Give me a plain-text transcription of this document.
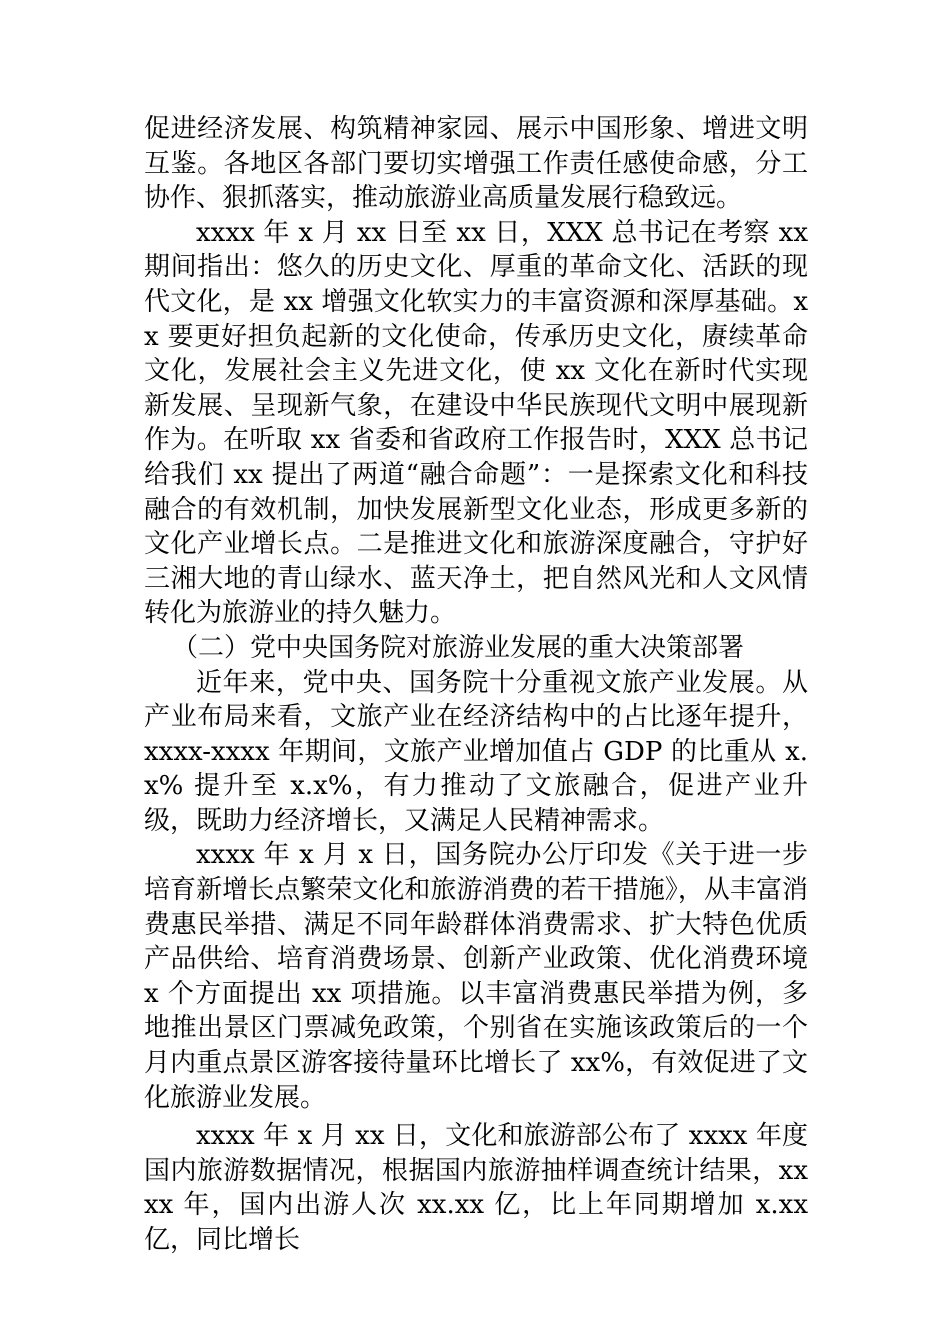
促进经济发展、构筑精神家园、展示中国形象、增进文明互鉴。各地区各部门要切实增强工作责任感使命感，分工协作、狠抓落实，推动旅游业高质量发展行稳致远。

xxxx 年 x 月 xx 日至 xx 日，XXX 总书记在考察 xx 期间指出：悠久的历史文化、厚重的革命文化、活跃的现代文化，是 xx 增强文化软实力的丰富资源和深厚基础。xx 要更好担负起新的文化使命，传承历史文化，赓续革命文化，发展社会主义先进文化，使 xx 文化在新时代实现新发展、呈现新气象，在建设中华民族现代文明中展现新作为。在听取 xx 省委和省政府工作报告时，XXX 总书记给我们 xx 提出了两道“融合命题”：一是探索文化和科技融合的有效机制，加快发展新型文化业态，形成更多新的文化产业增长点。二是推进文化和旅游深度融合，守护好三湘大地的青山绿水、蓝天净土，把自然风光和人文风情转化为旅游业的持久魅力。

（二）党中央国务院对旅游业发展的重大决策部署

近年来，党中央、国务院十分重视文旅产业发展。从产业布局来看，文旅产业在经济结构中的占比逐年提升，xxxx-xxxx 年期间，文旅产业增加值占 GDP 的比重从 x.x% 提升至 x.x%，有力推动了文旅融合，促进产业升级，既助力经济增长，又满足人民精神需求。

xxxx 年 x 月 x 日，国务院办公厅印发《关于进一步培育新增长点繁荣文化和旅游消费的若干措施》，从丰富消费惠民举措、满足不同年龄群体消费需求、扩大特色优质产品供给、培育消费场景、创新产业政策、优化消费环境 x 个方面提出 xx 项措施。以丰富消费惠民举措为例，多地推出景区门票减免政策，个别省在实施该政策后的一个月内重点景区游客接待量环比增长了 xx%，有效促进了文化旅游业发展。

xxxx 年 x 月 xx 日，文化和旅游部公布了 xxxx 年度国内旅游数据情况，根据国内旅游抽样调查统计结果，xxxx 年，国内出游人次 xx.xx 亿，比上年同期增加 x.xx 亿，同比增长
